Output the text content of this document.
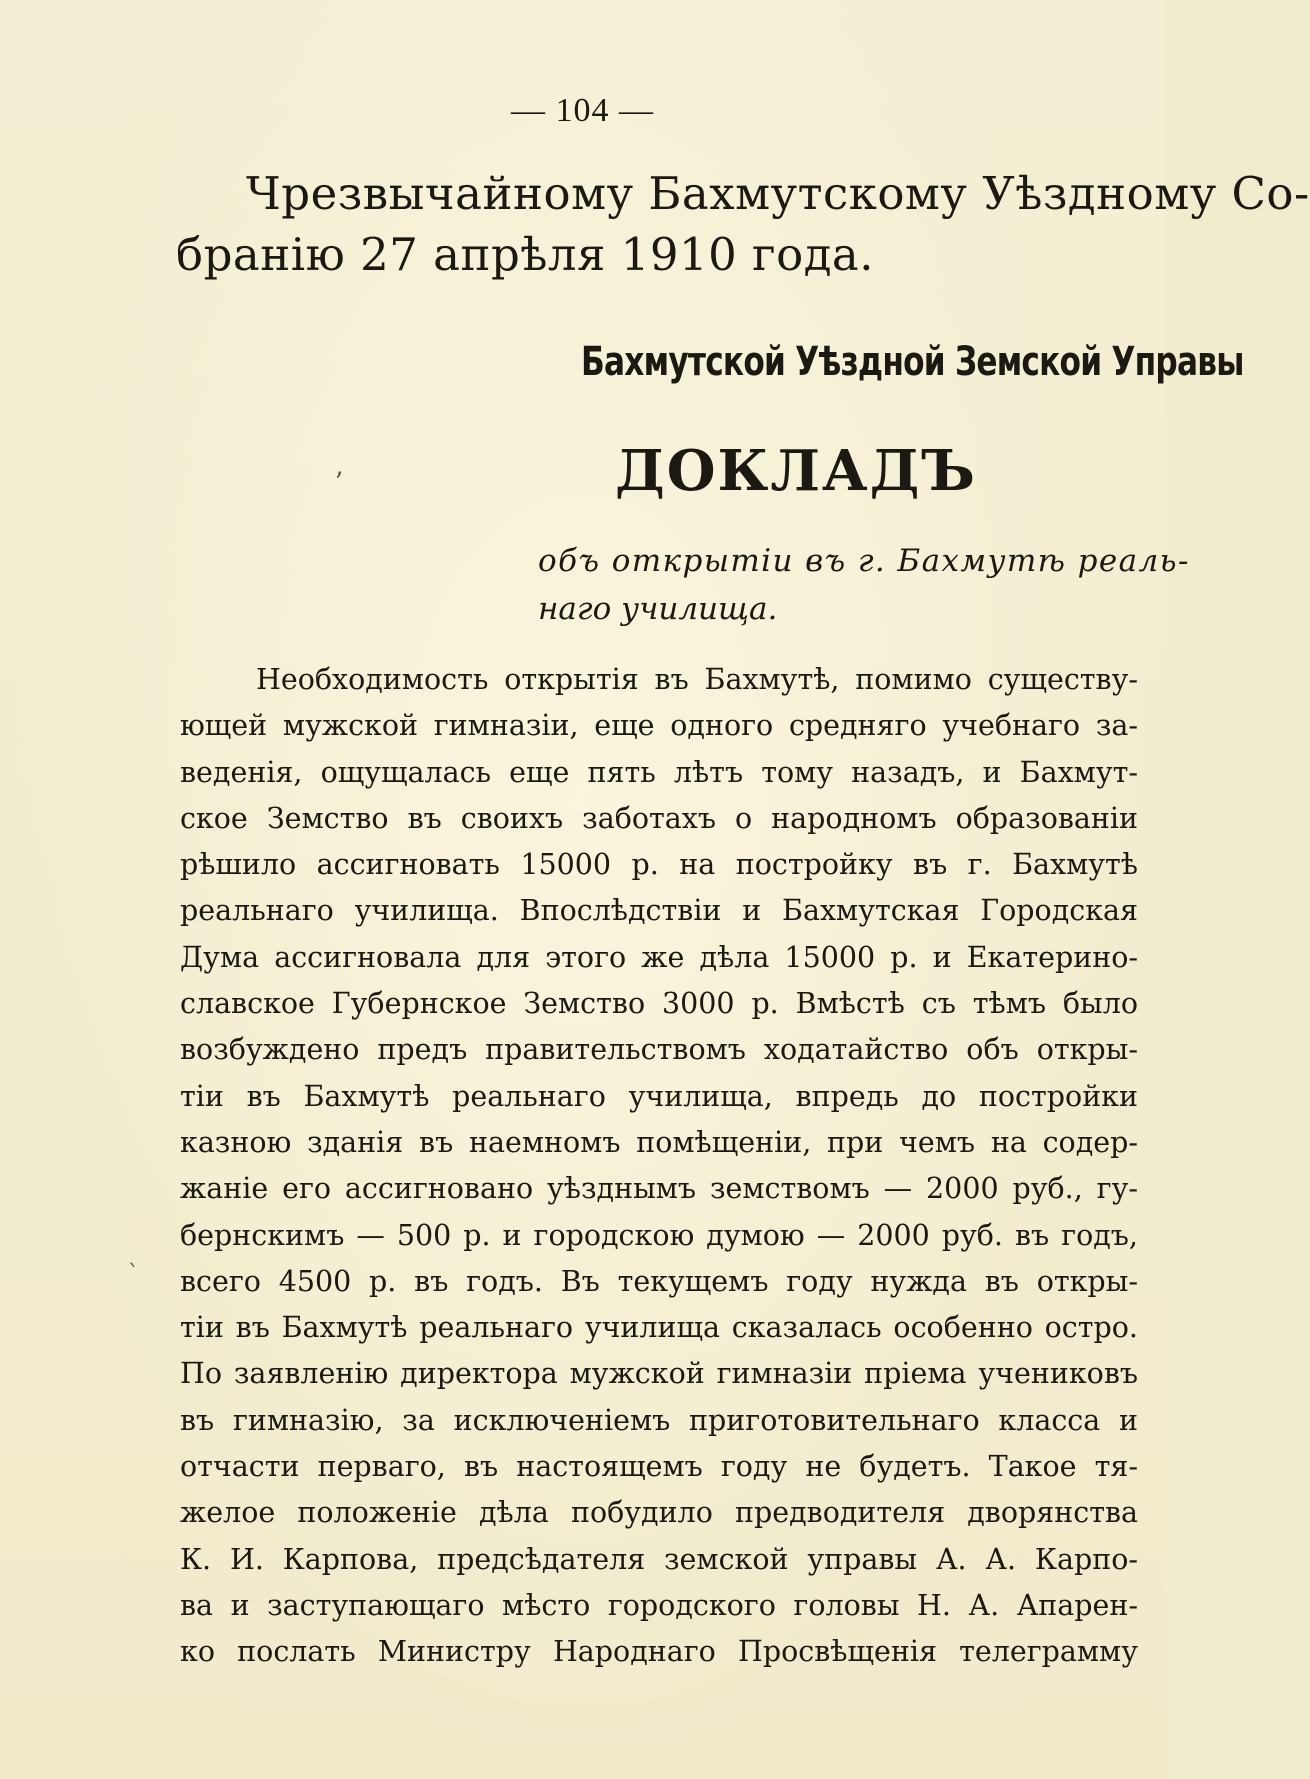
— 104 —
Чрезвычайному Бахмутскому Уѣздному Со-
бранію 27 апрѣля 1910 года.
Бахмутской Уѣздной Земской Управы
ʼ	ДОКЛАДЪ
объ открытіи въ г. Бахмутѣ реаль-
наго училища.
ˋ
Необходимость открытія въ Бахмутѣ, помимо существу-
ющей мужской гимназіи, еще одного средняго учебнаго за-
веденія, ощущалась еще пять лѣтъ тому назадъ, и Бахмут-
ское Земство въ своихъ заботахъ о народномъ образованіи
рѣшило ассигновать 15000 р. на постройку въ г. Бахмутѣ
реальнаго училища. Впослѣдствіи и Бахмутская Городская
Дума ассигновала для этого же дѣла 15000 р. и Екатерино-
славское Губернское Земство 3000 р. Вмѣстѣ съ тѣмъ было
возбуждено предъ правительствомъ ходатайство объ откры-
тіи въ Бахмутѣ реальнаго училища, впредь до постройки
казною зданія въ наемномъ помѣщеніи, при чемъ на содер-
жаніе его ассигновано уѣзднымъ земствомъ — 2000 руб., гу-
бернскимъ — 500 р. и городскою думою — 2000 руб. въ годъ,
всего 4500 р. въ годъ. Въ текущемъ году нужда въ откры-
тіи въ Бахмутѣ реальнаго училища сказалась особенно остро.
По заявленію директора мужской гимназіи пріема учениковъ
въ гимназію, за исключеніемъ приготовительнаго класса и
отчасти перваго, въ настоящемъ году не будетъ. Такое тя-
желое положеніе дѣла побудило предводителя дворянства
К. И. Карпова, предсѣдателя земской управы А. А. Карпо-
ва и заступающаго мѣсто городского головы Н. А. Апарен-
ко послать Министру Народнаго Просвѣщенія телеграмму
